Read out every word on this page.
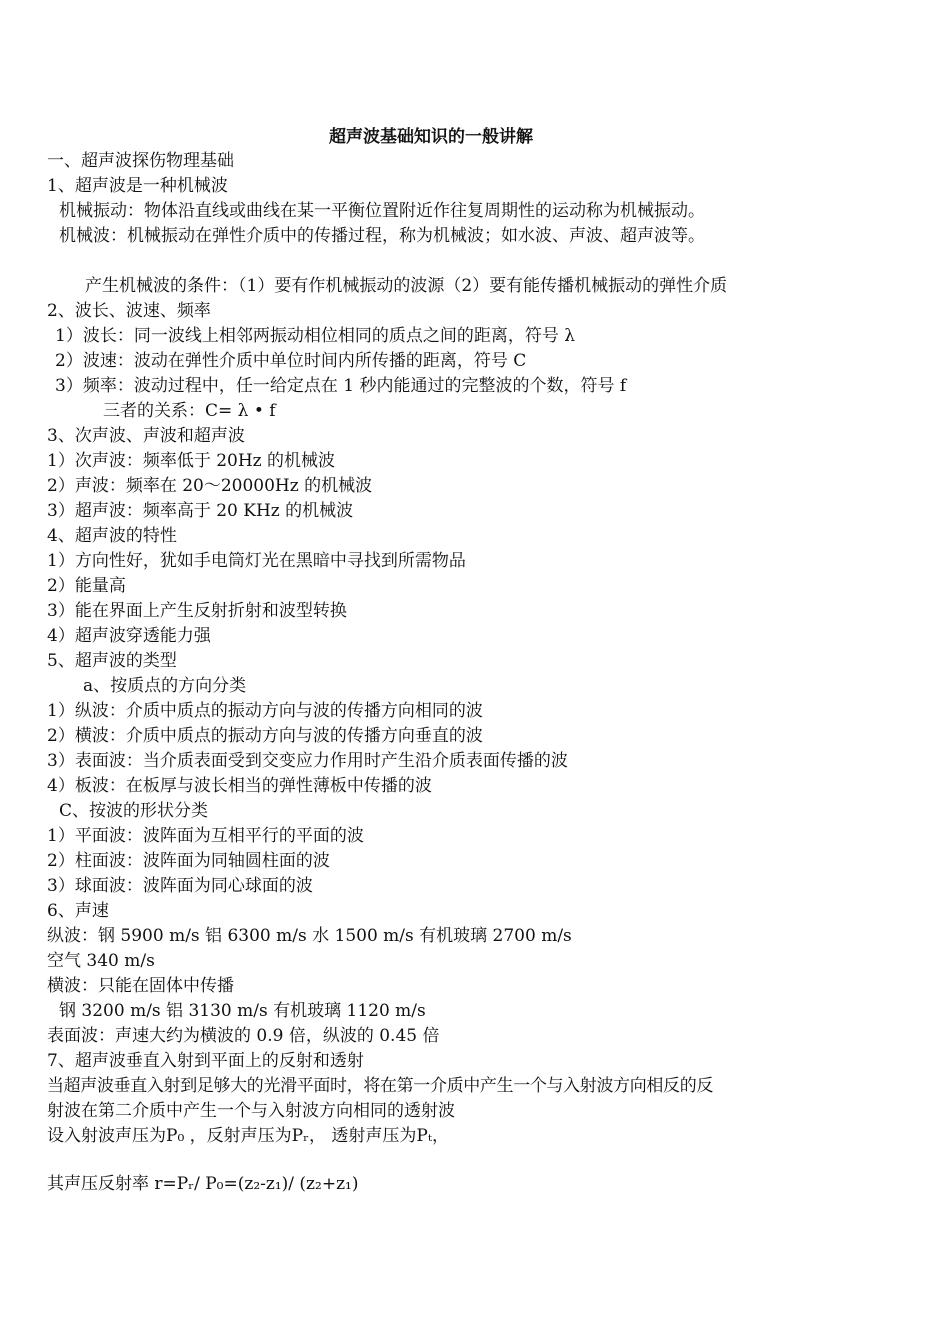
超声波基础知识的一般讲解
一、超声波探伤物理基础
1、超声波是一种机械波
机械振动：物体沿直线或曲线在某一平衡位置附近作往复周期性的运动称为机械振动。
机械波：机械振动在弹性介质中的传播过程，称为机械波；如水波、声波、超声波等。
产生机械波的条件：（1）要有作机械振动的波源（2）要有能传播机械振动的弹性介质
2、波长、波速、频率
1）波长：同一波线上相邻两振动相位相同的质点之间的距离，符号 λ
2）波速：波动在弹性介质中单位时间内所传播的距离，符号 C
3）频率：波动过程中，任一给定点在 1 秒内能通过的完整波的个数，符号 f
三者的关系：C= λ • f
3、次声波、声波和超声波
1）次声波：频率低于 20Hz 的机械波
2）声波：频率在 20～20000Hz 的机械波
3）超声波：频率高于 20 KHz 的机械波
4、超声波的特性
1）方向性好，犹如手电筒灯光在黑暗中寻找到所需物品
2）能量高
3）能在界面上产生反射折射和波型转换
4）超声波穿透能力强
5、超声波的类型
a、按质点的方向分类
1）纵波：介质中质点的振动方向与波的传播方向相同的波
2）横波：介质中质点的振动方向与波的传播方向垂直的波
3）表面波：当介质表面受到交变应力作用时产生沿介质表面传播的波
4）板波：在板厚与波长相当的弹性薄板中传播的波
C、按波的形状分类
1）平面波：波阵面为互相平行的平面的波
2）柱面波：波阵面为同轴圆柱面的波
3）球面波：波阵面为同心球面的波
6、声速
纵波：钢 5900 m/s 铝 6300 m/s 水 1500 m/s 有机玻璃 2700 m/s
空气 340 m/s
横波：只能在固体中传播
钢 3200 m/s 铝 3130 m/s 有机玻璃 1120 m/s
表面波：声速大约为横波的 0.9 倍，纵波的 0.45 倍
7、超声波垂直入射到平面上的反射和透射
当超声波垂直入射到足够大的光滑平面时，将在第一介质中产生一个与入射波方向相反的反
射波在第二介质中产生一个与入射波方向相同的透射波
设入射波声压为P₀ ，反射声压为Pᵣ， 透射声压为Pₜ，
其声压反射率 r=Pᵣ/ P₀=(z₂-z₁)/ (z₂+z₁)
